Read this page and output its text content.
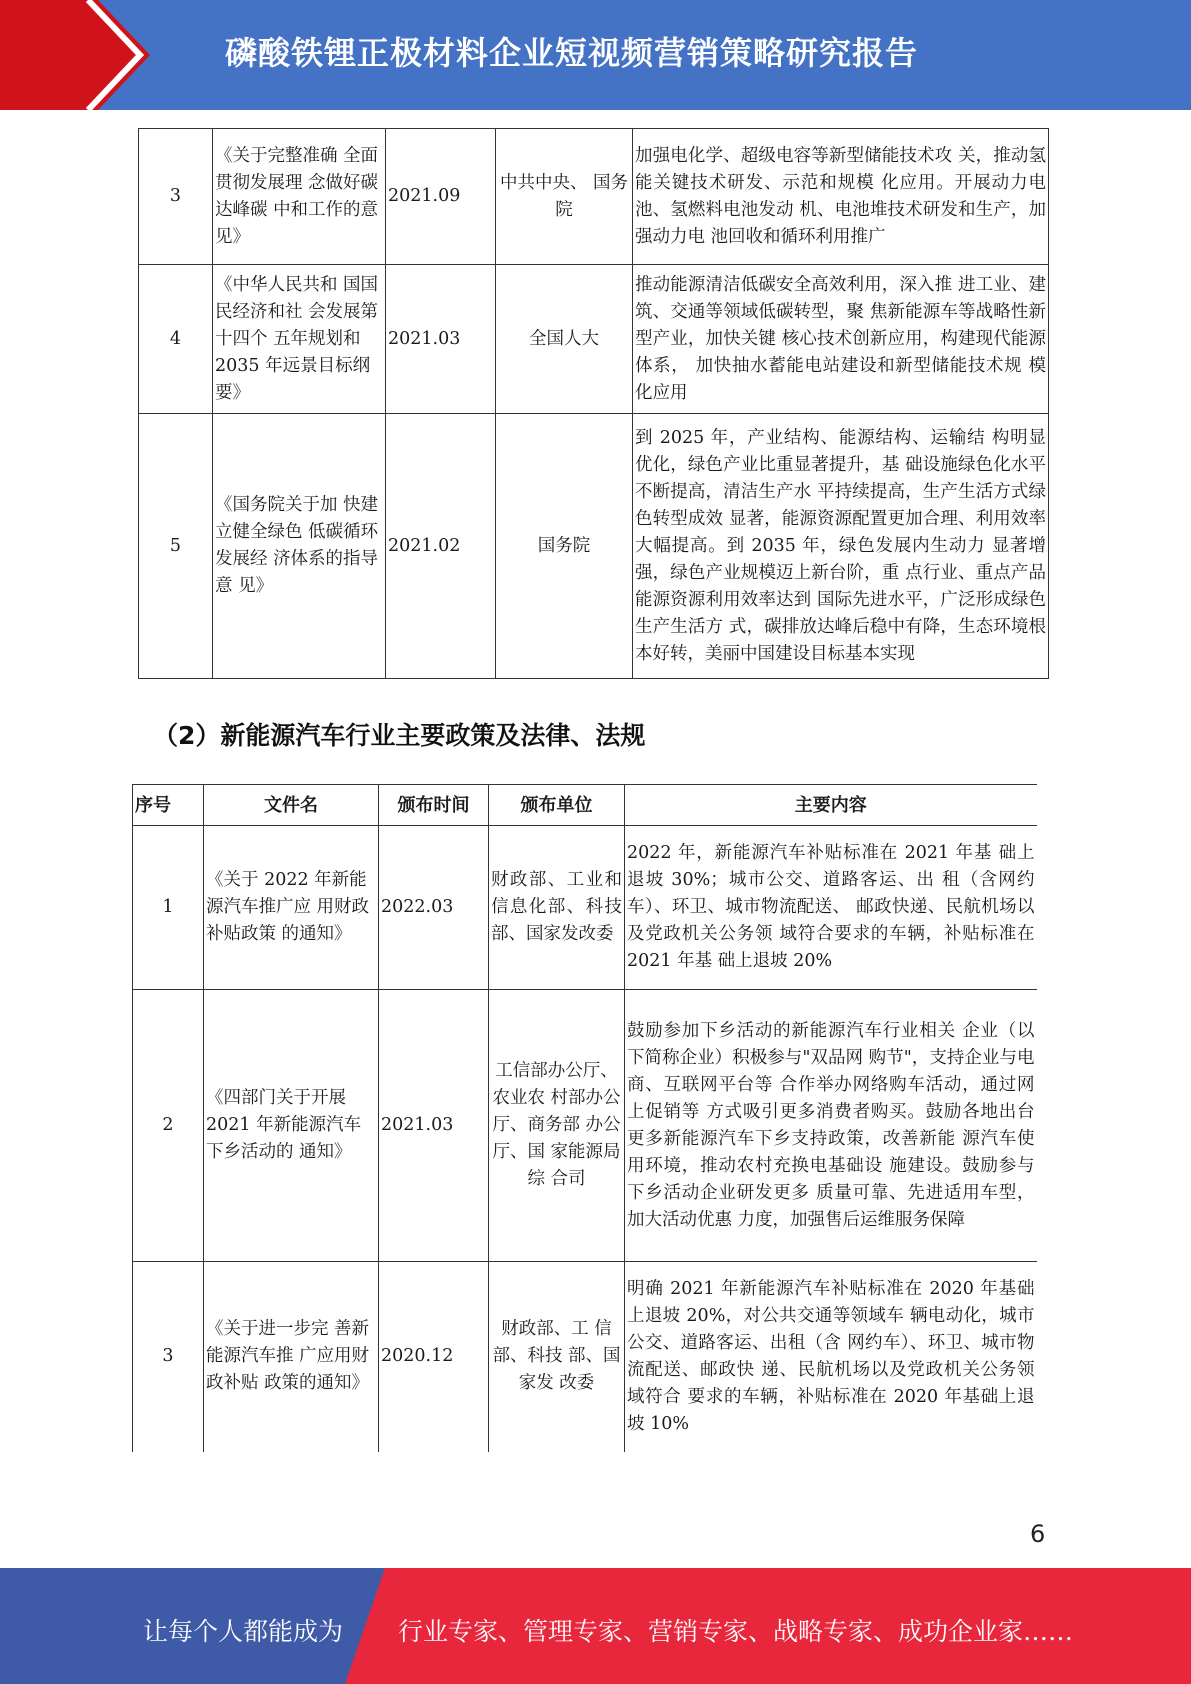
磷酸铁锂正极材料企业短视频营销策略研究报告
3	《关于完整准确 全面贯彻发展理 念做好碳达峰碳 中和工作的意 见》	2021.09	中共中央、 国务院	加强电化学、超级电容等新型储能技术攻 关，推动氢能关键技术研发、示范和规模 化应用。开展动力电池、氢燃料电池发动 机、电池堆技术研发和生产，加强动力电 池回收和循环利用推广
4	《中华人民共和 国国民经济和社 会发展第十四个 五年规划和 2035 年远景目标纲 要》	2021.03	全国人大	推动能源清洁低碳安全高效利用，深入推 进工业、建筑、交通等领域低碳转型，聚 焦新能源车等战略性新型产业，加快关键 核心技术创新应用，构建现代能源体系， 加快抽水蓄能电站建设和新型储能技术规 模化应用
5	《国务院关于加 快建立健全绿色 低碳循环发展经 济体系的指导意 见》	2021.02	国务院	到 2025 年，产业结构、能源结构、运输结 构明显优化，绿色产业比重显著提升，基 础设施绿色化水平不断提高，清洁生产水 平持续提高，生产生活方式绿色转型成效 显著，能源资源配置更加合理、利用效率 大幅提高。到 2035 年，绿色发展内生动力 显著增强，绿色产业规模迈上新台阶，重 点行业、重点产品能源资源利用效率达到 国际先进水平，广泛形成绿色生产生活方 式，碳排放达峰后稳中有降，生态环境根 本好转，美丽中国建设目标基本实现
（2）新能源汽车行业主要政策及法律、法规
序号	文件名	颁布时间	颁布单位	主要内容
1	《关于 2022 年新能源汽车推广应 用财政补贴政策 的通知》	2022.03	财政部、工业和信息化部、科技部、国家发改委	2022 年，新能源汽车补贴标准在 2021 年基 础上退坡 30%；城市公交、道路客运、出 租（含网约车）、环卫、城市物流配送、 邮政快递、民航机场以及党政机关公务领 域符合要求的车辆，补贴标准在 2021 年基 础上退坡 20%
2	《四部门关于开展 2021 年新能源汽车下乡活动的 通知》	2021.03	工信部办公厅、农业农 村部办公厅、商务部 办公厅、国 家能源局综 合司	鼓励参加下乡活动的新能源汽车行业相关 企业（以下简称企业）积极参与"双品网 购节"，支持企业与电商、互联网平台等 合作举办网络购车活动，通过网上促销等 方式吸引更多消费者购买。鼓励各地出台 更多新能源汽车下乡支持政策，改善新能 源汽车使用环境，推动农村充换电基础设 施建设。鼓励参与下乡活动企业研发更多 质量可靠、先进适用车型，加大活动优惠 力度，加强售后运维服务保障
3	《关于进一步完 善新能源汽车推 广应用财政补贴 政策的通知》	2020.12	财政部、工 信部、科技 部、国家发 改委	明确 2021 年新能源汽车补贴标准在 2020 年基础上退坡 20%，对公共交通等领域车 辆电动化，城市公交、道路客运、出租（含 网约车）、环卫、城市物流配送、邮政快 递、民航机场以及党政机关公务领域符合 要求的车辆，补贴标准在 2020 年基础上退 坡 10%
6
让每个人都能成为 行业专家、管理专家、营销专家、战略专家、成功企业家……
